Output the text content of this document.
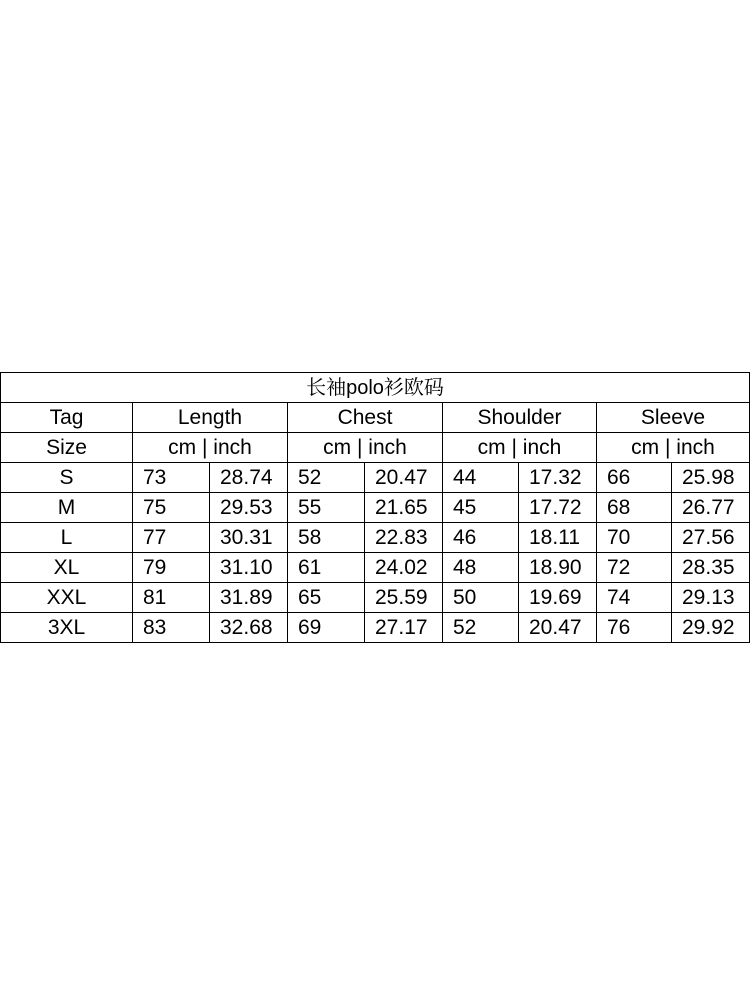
长袖polo衫欧码								
Tag	Length		Chest		Shoulder		Sleeve	
Size	cm | inch		cm | inch		cm | inch		cm | inch	
S	73	28.74	52	20.47	44	17.32	66	25.98
M	75	29.53	55	21.65	45	17.72	68	26.77
L	77	30.31	58	22.83	46	18.11	70	27.56
XL	79	31.10	61	24.02	48	18.90	72	28.35
XXL	81	31.89	65	25.59	50	19.69	74	29.13
3XL	83	32.68	69	27.17	52	20.47	76	29.92
